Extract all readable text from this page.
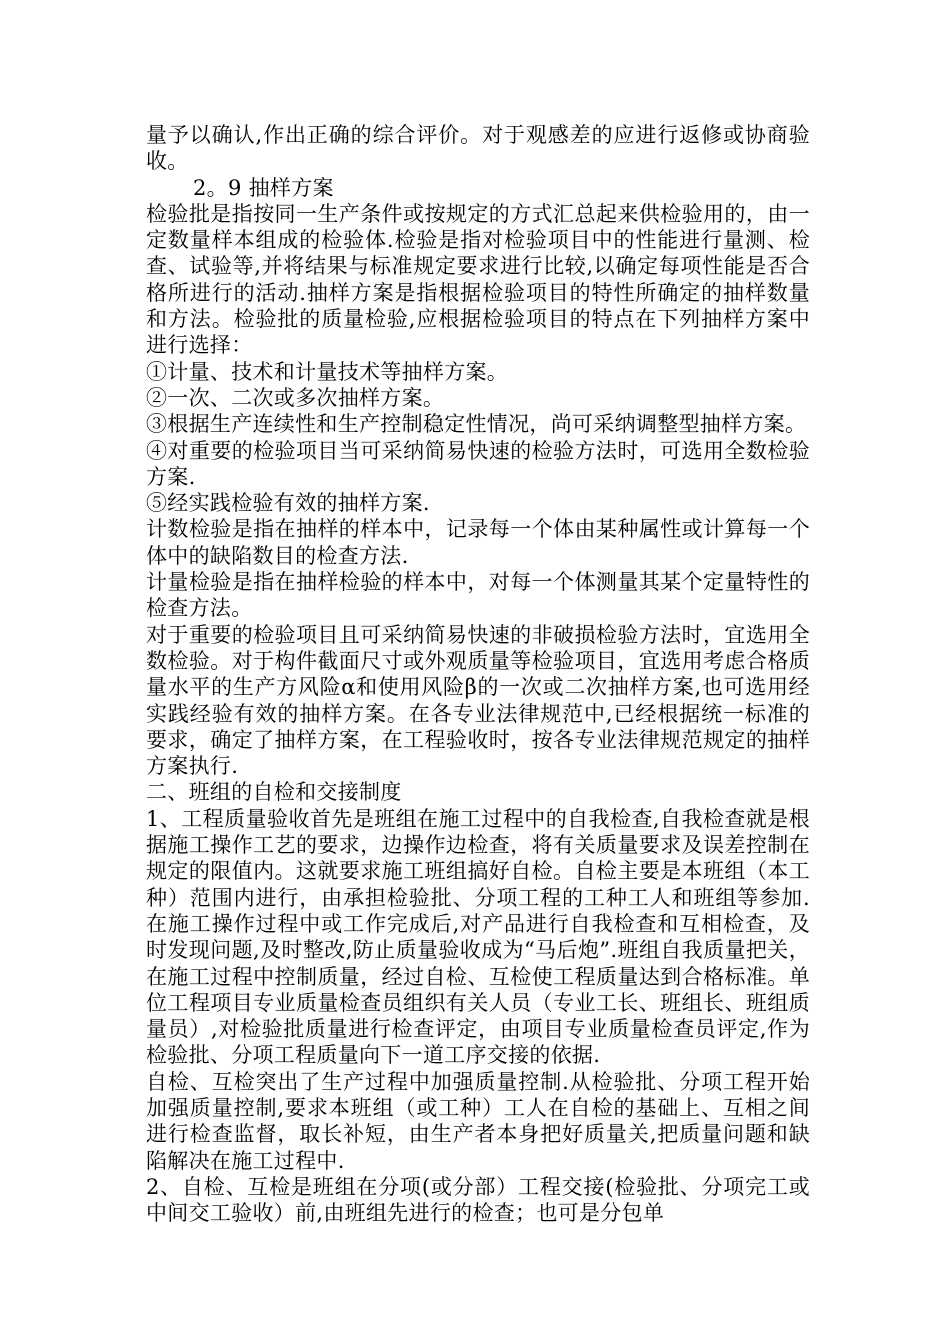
量予以确认,作出正确的综合评价。对于观感差的应进行返修或协商验收。

2。9 抽样方案

检验批是指按同一生产条件或按规定的方式汇总起来供检验用的，由一定数量样本组成的检验体.检验是指对检验项目中的性能进行量测、检查、试验等,并将结果与标准规定要求进行比较,以确定每项性能是否合格所进行的活动.抽样方案是指根据检验项目的特性所确定的抽样数量和方法。检验批的质量检验,应根据检验项目的特点在下列抽样方案中进行选择：

①计量、技术和计量技术等抽样方案。

②一次、二次或多次抽样方案。

③根据生产连续性和生产控制稳定性情况，尚可采纳调整型抽样方案。

④对重要的检验项目当可采纳简易快速的检验方法时，可选用全数检验方案.

⑤经实践检验有效的抽样方案.

计数检验是指在抽样的样本中，记录每一个体由某种属性或计算每一个体中的缺陷数目的检查方法.

计量检验是指在抽样检验的样本中，对每一个体测量其某个定量特性的检查方法。

对于重要的检验项目且可采纳简易快速的非破损检验方法时，宜选用全数检验。对于构件截面尺寸或外观质量等检验项目，宜选用考虑合格质量水平的生产方风险α和使用风险β的一次或二次抽样方案,也可选用经实践经验有效的抽样方案。在各专业法律规范中,已经根据统一标准的要求，确定了抽样方案，在工程验收时，按各专业法律规范规定的抽样方案执行.

二、班组的自检和交接制度

1、工程质量验收首先是班组在施工过程中的自我检查,自我检查就是根据施工操作工艺的要求，边操作边检查，将有关质量要求及误差控制在规定的限值内。这就要求施工班组搞好自检。自检主要是本班组（本工种）范围内进行，由承担检验批、分项工程的工种工人和班组等参加.在施工操作过程中或工作完成后,对产品进行自我检查和互相检查，及时发现问题,及时整改,防止质量验收成为“马后炮”.班组自我质量把关，在施工过程中控制质量，经过自检、互检使工程质量达到合格标准。单位工程项目专业质量检查员组织有关人员（专业工长、班组长、班组质量员）,对检验批质量进行检查评定，由项目专业质量检查员评定,作为检验批、分项工程质量向下一道工序交接的依据.

自检、互检突出了生产过程中加强质量控制.从检验批、分项工程开始加强质量控制,要求本班组（或工种）工人在自检的基础上、互相之间进行检查监督，取长补短，由生产者本身把好质量关,把质量问题和缺陷解决在施工过程中.

2、自检、互检是班组在分项(或分部）工程交接(检验批、分项完工或中间交工验收）前,由班组先进行的检查；也可是分包单
